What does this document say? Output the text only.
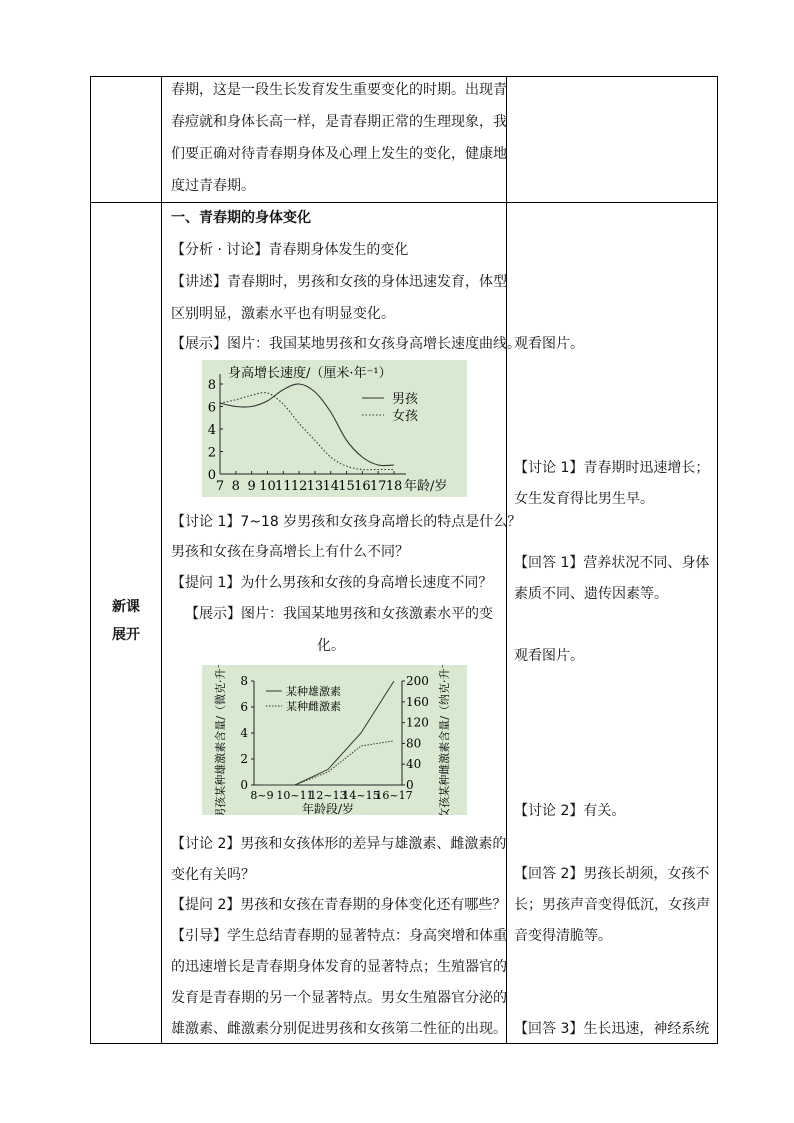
春期，这是一段生长发育发生重要变化的时期。出现青
春痘就和身体长高一样，是青春期正常的生理现象，我
们要正确对待青春期身体及心理上发生的变化，健康地
度过青春期。
新课
展开
一、青春期的身体变化
【分析 · 讨论】青春期身体发生的变化
【讲述】青春期时，男孩和女孩的身体迅速发育，体型
区别明显，激素水平也有明显变化。
【展示】图片：我国某地男孩和女孩身高增长速度曲线。
0
2
4
6
8
7 8 9 10 11 12 13 14 15 16 17 18 年龄/岁
身高增长速度/（厘米·年⁻¹）
男孩
女孩
【讨论 1】7~18 岁男孩和女孩身高增长的特点是什么？
男孩和女孩在身高增长上有什么不同？
【提问 1】为什么男孩和女孩的身高增长速度不同？
【展示】图片：我国某地男孩和女孩激素水平的变
化。
0
2
4
6
8
0
40
80
120
160
200
8~9 10~11
12~13
14~15
16~17
年龄段/岁
男孩某种雄激素含量/（微克·升⁻¹）	女孩某种雌激素含量/（纳克·升⁻¹）
某种雄激素
某种雌激素
【讨论 2】男孩和女孩体形的差异与雄激素、雌激素的
变化有关吗？
【提问 2】男孩和女孩在青春期的身体变化还有哪些？
【引导】学生总结青春期的显著特点：身高突增和体重
的迅速增长是青春期身体发育的显著特点；生殖器官的
发育是青春期的另一个显著特点。男女生殖器官分泌的
雄激素、雌激素分别促进男孩和女孩第二性征的出现。
观看图片。
【讨论 1】青春期时迅速增长；
女生发育得比男生早。
【回答 1】营养状况不同、身体
素质不同、遗传因素等。
观看图片。
【讨论 2】有关。
【回答 2】男孩长胡须，女孩不
长；男孩声音变得低沉，女孩声
音变得清脆等。
【回答 3】生长迅速，神经系统
